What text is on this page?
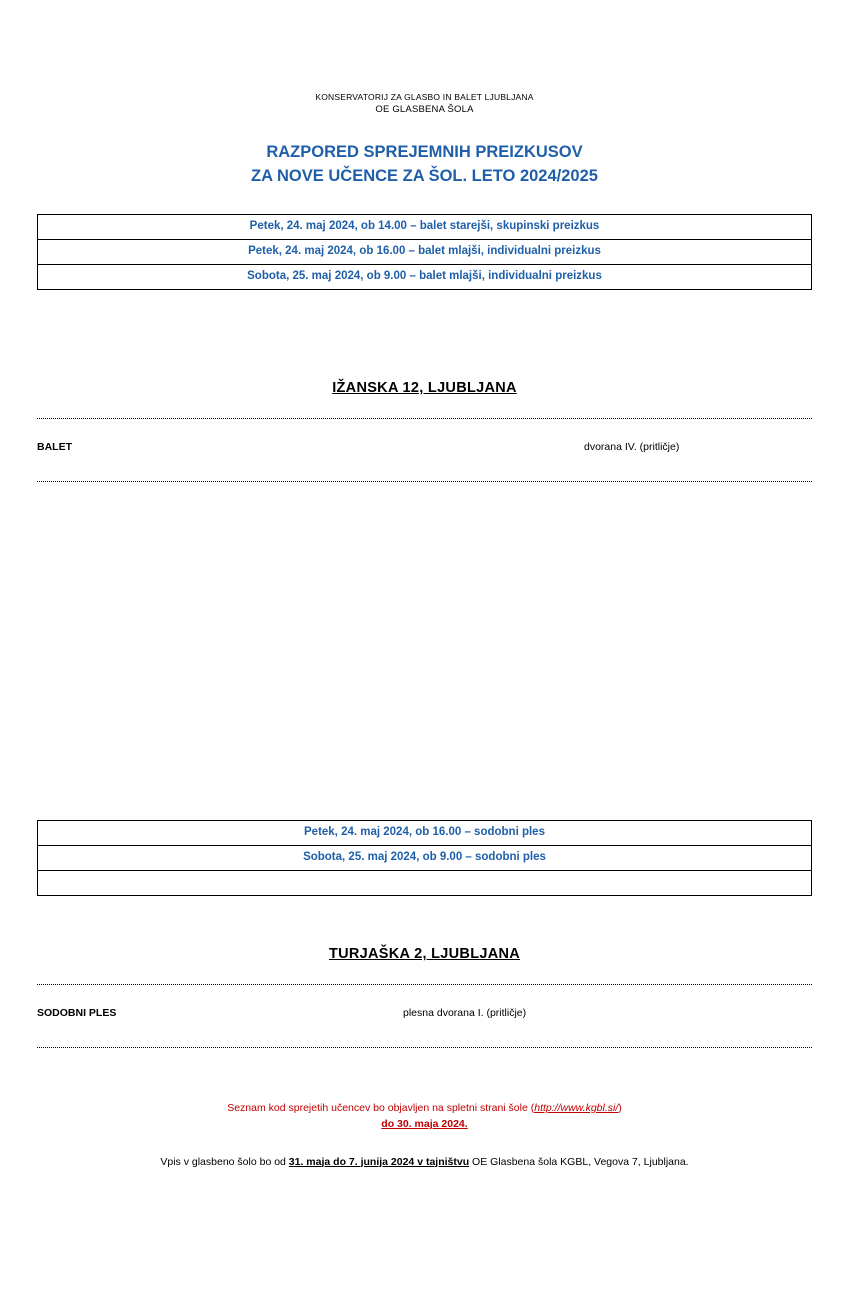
KONSERVATORIJ ZA GLASBO IN BALET LJUBLJANA
OE GLASBENA ŠOLA
RAZPORED SPREJEMNIH PREIZKUSOV
ZA NOVE UČENCE ZA ŠOL. LETO 2024/2025
Petek, 24. maj 2024, ob 14.00 – balet starejši, skupinski preizkus
Petek, 24. maj 2024, ob 16.00 – balet mlajši, individualni preizkus
Sobota, 25. maj 2024, ob 9.00 – balet mlajši, individualni preizkus
IŽANSKA 12, LJUBLJANA
BALET	dvorana IV. (pritličje)
Petek, 24. maj 2024, ob 16.00 – sodobni ples
Sobota, 25. maj 2024, ob 9.00 – sodobni ples

TURJAŠKA 2, LJUBLJANA
SODOBNI PLES	plesna dvorana I. (pritličje)
Seznam kod sprejetih učencev bo objavljen na spletni strani šole (http://www.kgbl.si/)
do 30. maja 2024.
Vpis v glasbeno šolo bo od 31. maja do 7. junija 2024 v tajništvu OE Glasbena šola KGBL, Vegova 7, Ljubljana.
